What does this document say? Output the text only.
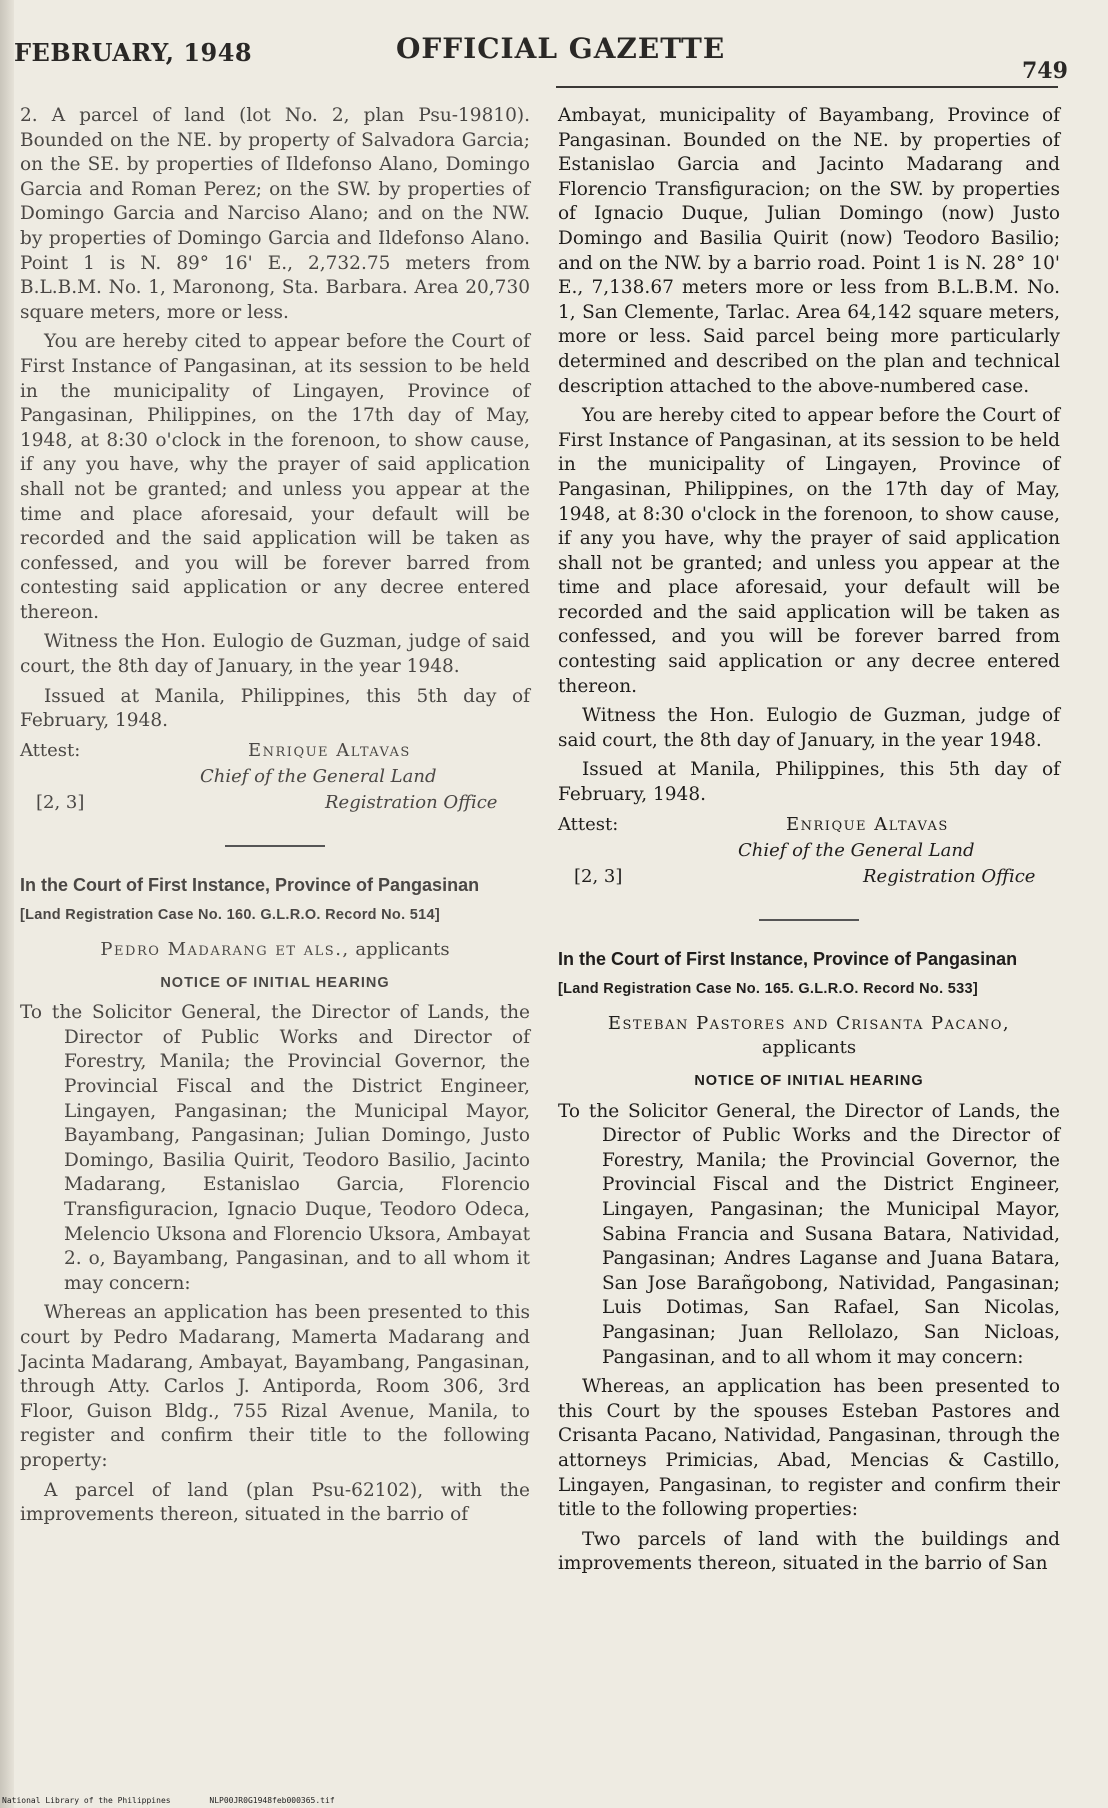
FEBRUARY, 1948	OFFICIAL GAZETTE
749

2. A parcel of land (lot No. 2, plan Psu-19810). Bounded on the NE. by property of Salvadora Garcia; on the SE. by properties of Ildefonso Alano, Domingo Garcia and Roman Perez; on the SW. by properties of Domingo Garcia and Narciso Alano; and on the NW. by properties of Domingo Garcia and Ildefonso Alano. Point 1 is N. 89° 16' E., 2,732.75 meters from B.L.B.M. No. 1, Maronong, Sta. Barbara. Area 20,730 square meters, more or less.

You are hereby cited to appear before the Court of First Instance of Pangasinan, at its session to be held in the municipality of Lingayen, Province of Pangasinan, Philippines, on the 17th day of May, 1948, at 8:30 o'clock in the forenoon, to show cause, if any you have, why the prayer of said application shall not be granted; and unless you appear at the time and place aforesaid, your default will be recorded and the said application will be taken as confessed, and you will be forever barred from contesting said application or any decree entered thereon.

Witness the Hon. Eulogio de Guzman, judge of said court, the 8th day of January, in the year 1948.

Issued at Manila, Philippines, this 5th day of February, 1948.

Attest:	Enrique Altavas
Chief of the General Land
[2, 3]	Registration Office
In the Court of First Instance, Province of Pangasinan
[Land Registration Case No. 160. G.L.R.O. Record No. 514]
Pedro Madarang et als., applicants
NOTICE OF INITIAL HEARING

To the Solicitor General, the Director of Lands, the Director of Public Works and Director of Forestry, Manila; the Provincial Governor, the Provincial Fiscal and the District Engineer, Lingayen, Pangasinan; the Municipal Mayor, Bayambang, Pangasinan; Julian Domingo, Justo Domingo, Basilia Quirit, Teodoro Basilio, Jacinto Madarang, Estanislao Garcia, Florencio Transfiguracion, Ignacio Duque, Teodoro Odeca, Melencio Uksona and Florencio Uksora, Ambayat 2. o, Bayambang, Pangasinan, and to all whom it may concern:

Whereas an application has been presented to this court by Pedro Madarang, Mamerta Madarang and Jacinta Madarang, Ambayat, Bayambang, Pangasinan, through Atty. Carlos J. Antiporda, Room 306, 3rd Floor, Guison Bldg., 755 Rizal Avenue, Manila, to register and confirm their title to the following property:

A parcel of land (plan Psu-62102), with the improvements thereon, situated in the barrio of

Ambayat, municipality of Bayambang, Province of Pangasinan. Bounded on the NE. by properties of Estanislao Garcia and Jacinto Madarang and Florencio Transfiguracion; on the SW. by properties of Ignacio Duque, Julian Domingo (now) Justo Domingo and Basilia Quirit (now) Teodoro Basilio; and on the NW. by a barrio road. Point 1 is N. 28° 10' E., 7,138.67 meters more or less from B.L.B.M. No. 1, San Clemente, Tarlac. Area 64,142 square meters, more or less. Said parcel being more particularly determined and described on the plan and technical description attached to the above-numbered case.

You are hereby cited to appear before the Court of First Instance of Pangasinan, at its session to be held in the municipality of Lingayen, Province of Pangasinan, Philippines, on the 17th day of May, 1948, at 8:30 o'clock in the forenoon, to show cause, if any you have, why the prayer of said application shall not be granted; and unless you appear at the time and place aforesaid, your default will be recorded and the said application will be taken as confessed, and you will be forever barred from contesting said application or any decree entered thereon.

Witness the Hon. Eulogio de Guzman, judge of said court, the 8th day of January, in the year 1948.

Issued at Manila, Philippines, this 5th day of February, 1948.

Attest:	Enrique Altavas
Chief of the General Land
[2, 3]	Registration Office
In the Court of First Instance, Province of Pangasinan
[Land Registration Case No. 165. G.L.R.O. Record No. 533]
Esteban Pastores and Crisanta Pacano,
applicants
NOTICE OF INITIAL HEARING

To the Solicitor General, the Director of Lands, the Director of Public Works and the Director of Forestry, Manila; the Provincial Governor, the Provincial Fiscal and the District Engineer, Lingayen, Pangasinan; the Municipal Mayor, Sabina Francia and Susana Batara, Natividad, Pangasinan; Andres Laganse and Juana Batara, San Jose Barañgobong, Natividad, Pangasinan; Luis Dotimas, San Rafael, San Nicolas, Pangasinan; Juan Rellolazo, San Nicloas, Pangasinan, and to all whom it may concern:

Whereas, an application has been presented to this Court by the spouses Esteban Pastores and Crisanta Pacano, Natividad, Pangasinan, through the attorneys Primicias, Abad, Mencias & Castillo, Lingayen, Pangasinan, to register and confirm their title to the following properties:

Two parcels of land with the buildings and improvements thereon, situated in the barrio of San

National Library of the Philippines	NLP00JR0G1948feb000365.tif
